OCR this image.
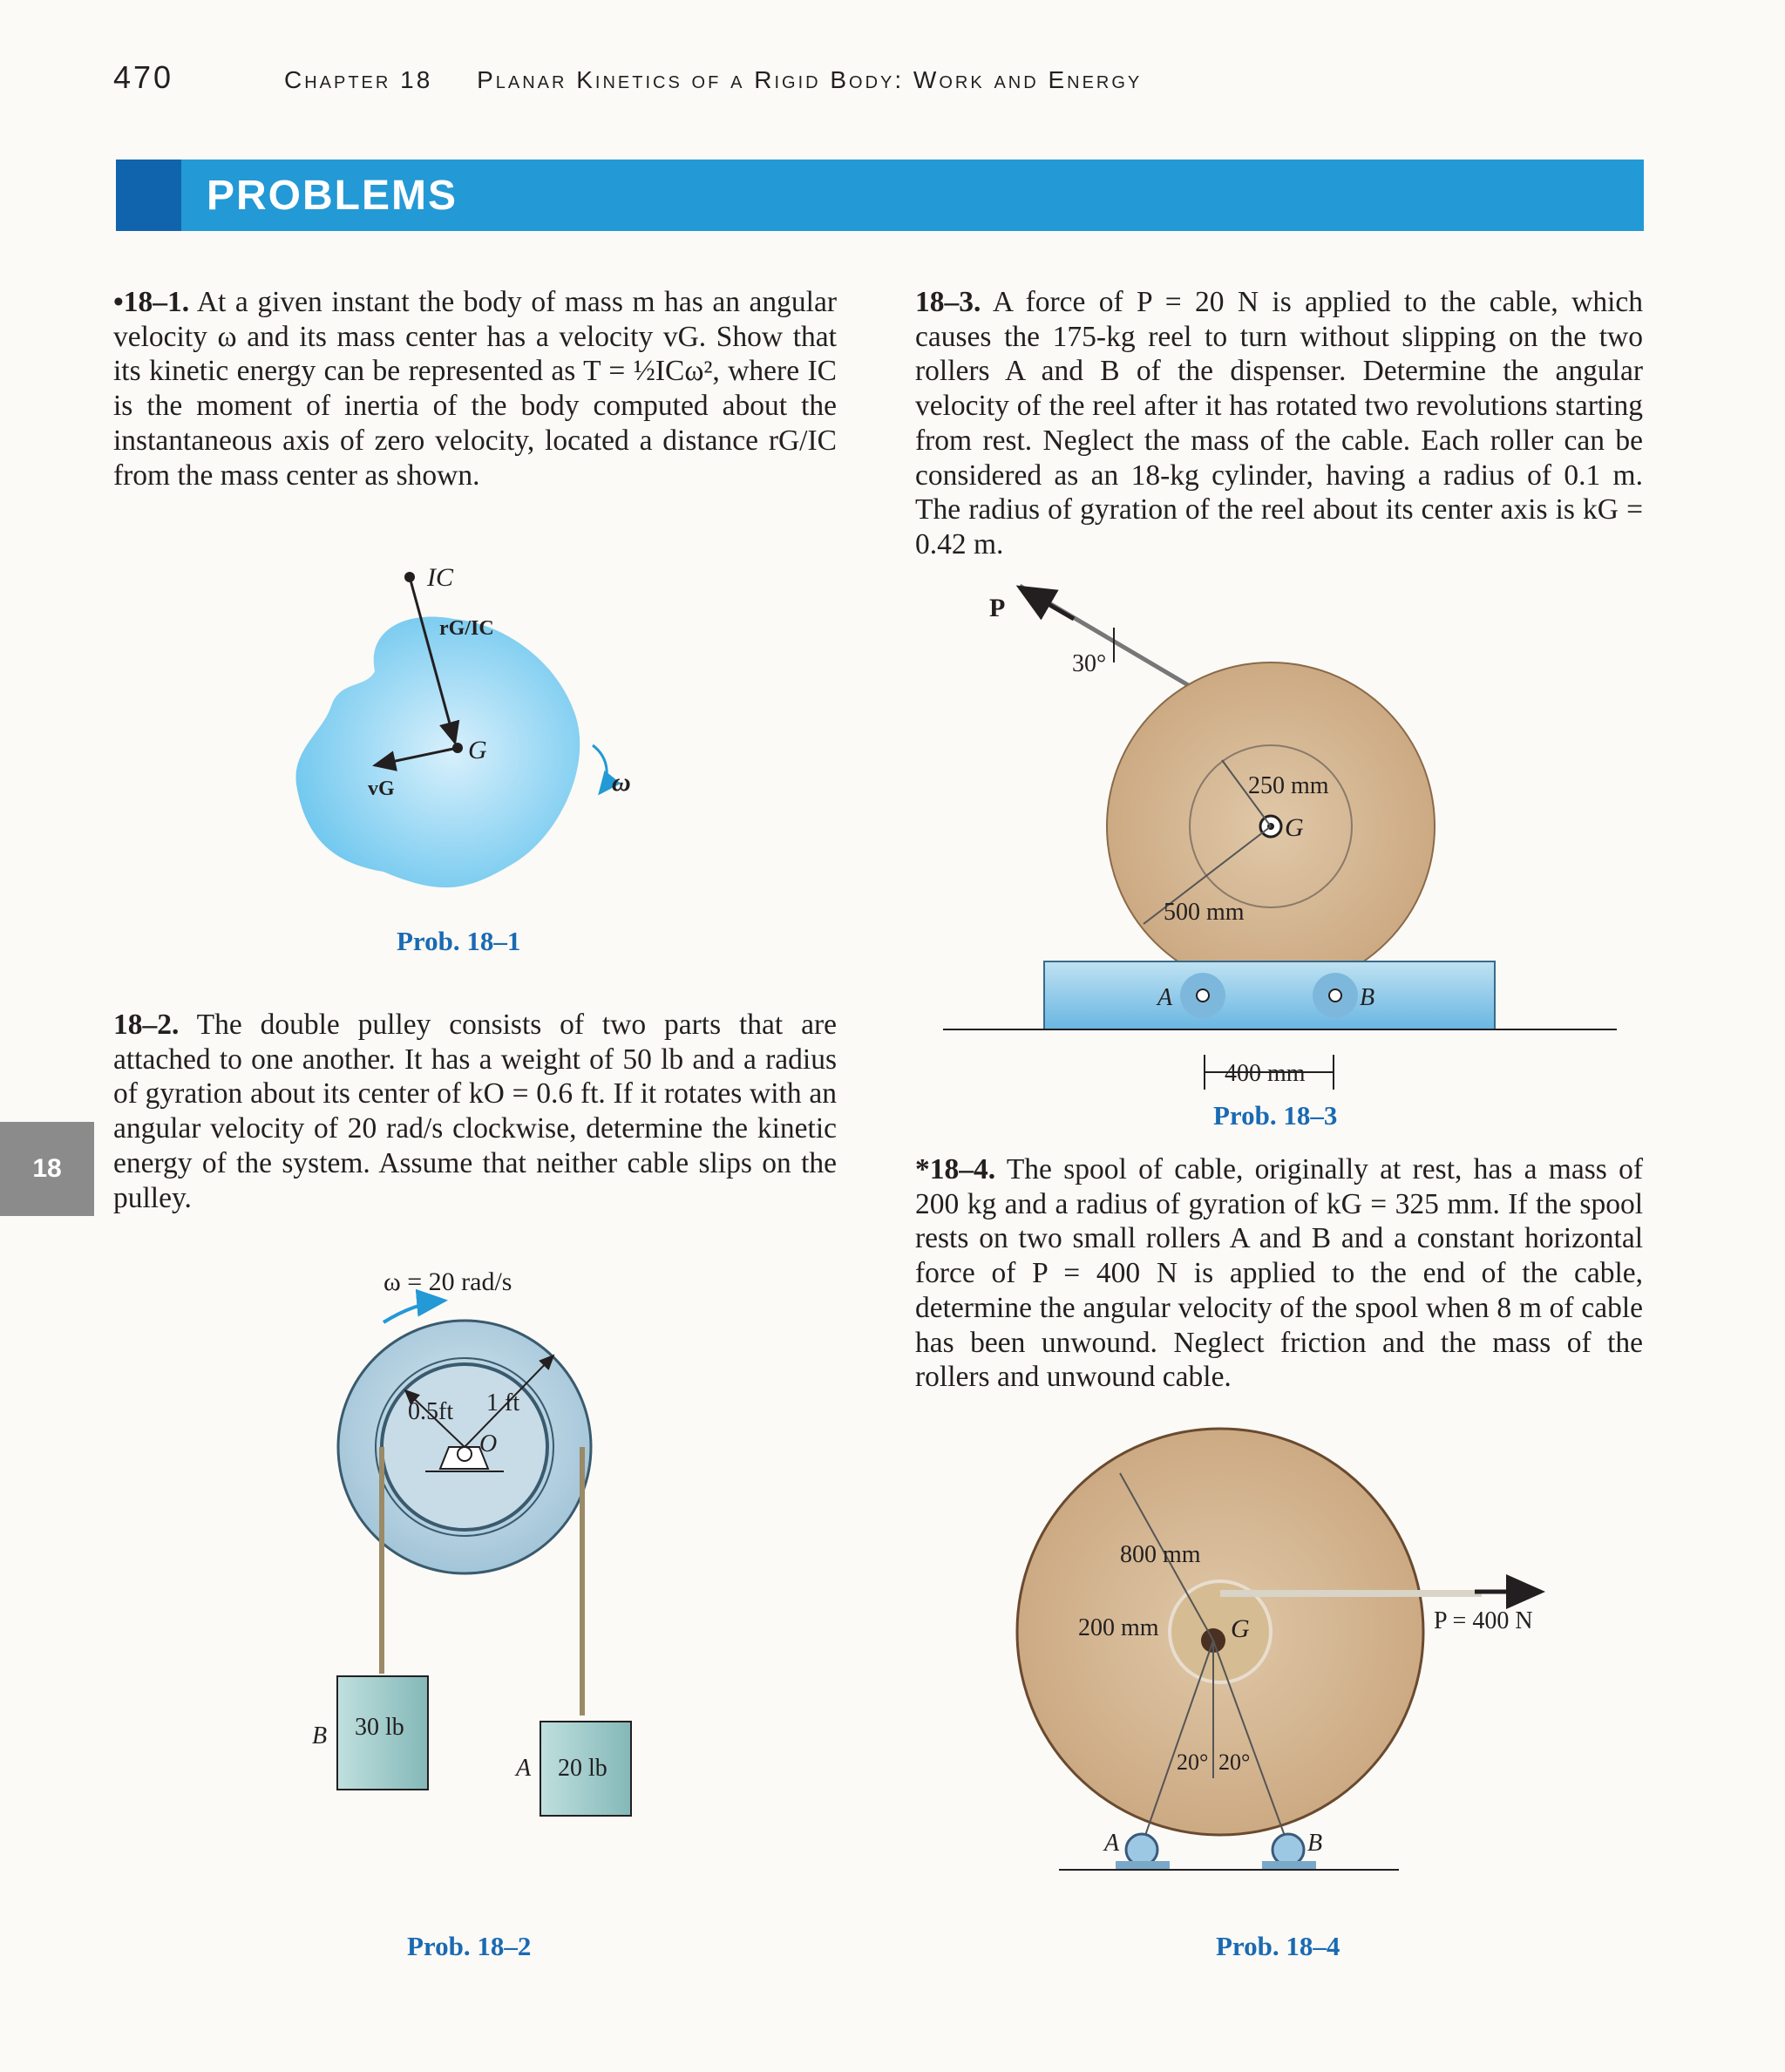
470	Chapter 18 Planar Kinetics of a Rigid Body: Work and Energy
PROBLEMS
18
•18–1. At a given instant the body of mass m has an angular velocity ω and its mass center has a velocity vG. Show that its kinetic energy can be represented as T = ½ICω², where IC is the moment of inertia of the body computed about the instantaneous axis of zero velocity, located a distance rG/IC from the mass center as shown.
18–2. The double pulley consists of two parts that are attached to one another. It has a weight of 50 lb and a radius of gyration about its center of kO = 0.6 ft. If it rotates with an angular velocity of 20 rad/s clockwise, determine the kinetic energy of the system. Assume that neither cable slips on the pulley.
18–3. A force of P = 20 N is applied to the cable, which causes the 175-kg reel to turn without slipping on the two rollers A and B of the dispenser. Determine the angular velocity of the reel after it has rotated two revolutions starting from rest. Neglect the mass of the cable. Each roller can be considered as an 18-kg cylinder, having a radius of 0.1 m. The radius of gyration of the reel about its center axis is kG = 0.42 m.
*18–4. The spool of cable, originally at rest, has a mass of 200 kg and a radius of gyration of kG = 325 mm. If the spool rests on two small rollers A and B and a constant horizontal force of P = 400 N is applied to the end of the cable, determine the angular velocity of the spool when 8 m of cable has been unwound. Neglect friction and the mass of the rollers and unwound cable.
IC
rG/IC
G
vG	ω
Prob. 18–1
ω = 20 rad/s
0.5ft 1 ft
O
B
A
30 lb
20 lb
Prob. 18–2
P
30°
250 mm
G
500 mm
A	B
400 mm
Prob. 18–3
800 mm
200 mm	G	P = 400 N
20° 20°
A	B
Prob. 18–4
